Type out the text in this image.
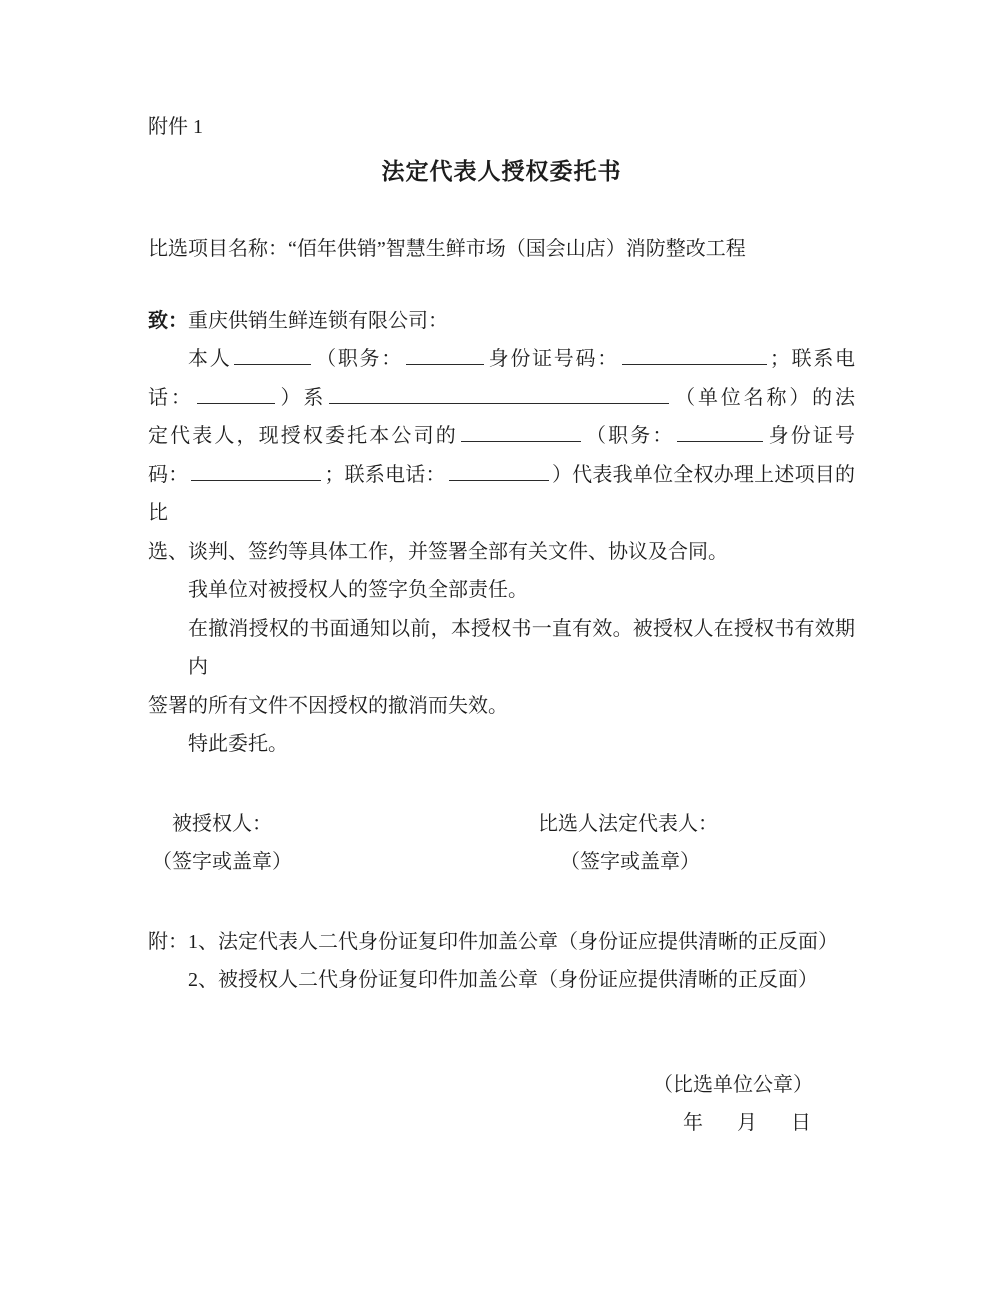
附件 1
法定代表人授权委托书
比选项目名称：“佰年供销”智慧生鲜市场（国会山店）消防整改工程
致：重庆供销生鲜连锁有限公司：
本人	（职务：	身份证号码：	；联系电
话：	）系	（单位名称）的法
定代表人，现授权委托本公司的	（职务：	身份证号
码：	；联系电话：	）代表我单位全权办理上述项目的比
选、谈判、签约等具体工作，并签署全部有关文件、协议及合同。
我单位对被授权人的签字负全部责任。
在撤消授权的书面通知以前，本授权书一直有效。被授权人在授权书有效期内
签署的所有文件不因授权的撤消而失效。
特此委托。
被授权人：
（签字或盖章）
比选人法定代表人：
（签字或盖章）
附：1、法定代表人二代身份证复印件加盖公章（身份证应提供清晰的正反面）
2、被授权人二代身份证复印件加盖公章（身份证应提供清晰的正反面）
（比选单位公章）
年 月 日
